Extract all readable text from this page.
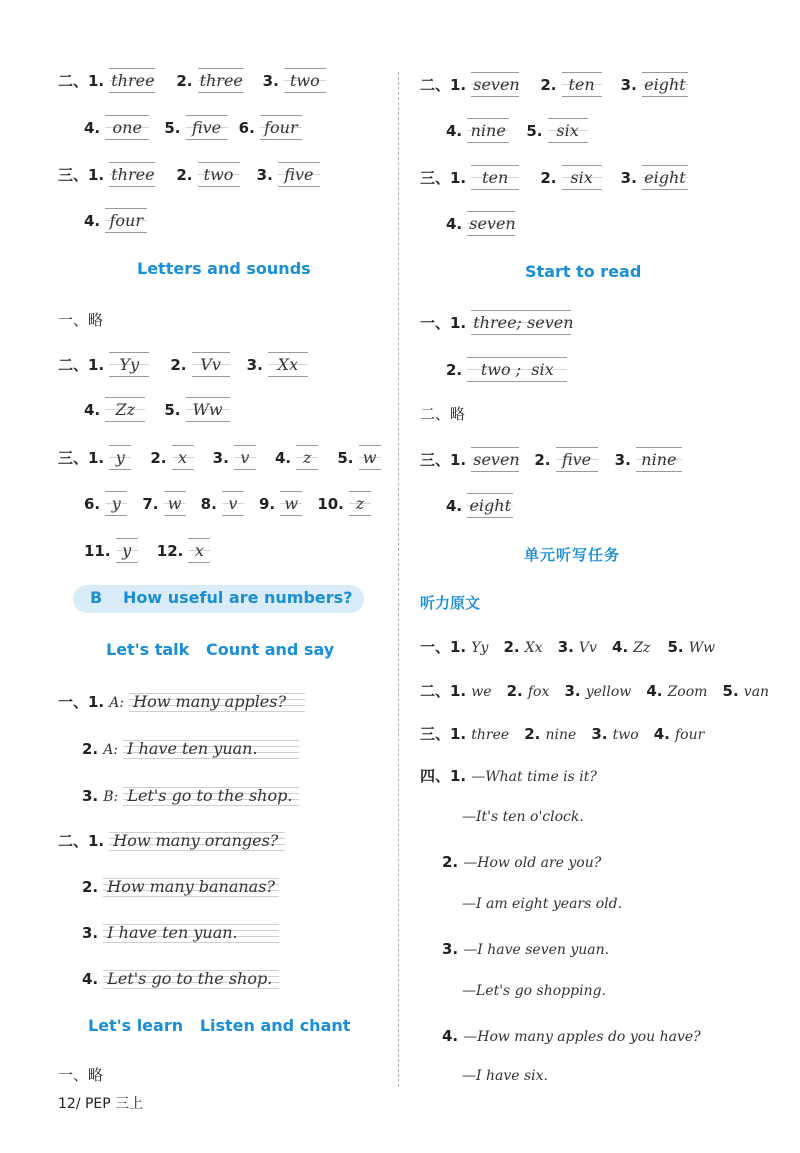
二、1. three 2. three 3. two
4. one 5. five 6. four
三、1. three 2. two 3. five
4. four
Letters and sounds
一、略
二、1. Yy 2. Vv 3. Xx
4. Zz 5. Ww
三、1. y 2. x 3. v 4. z 5. w
6. y 7. w 8. v 9. w 10. z
11. y 12. x
B How useful are numbers?
Let's talk   Count and say
一、1. A: How many apples?
2. A: I have ten yuan.
3. B: Let's go to the shop.
二、1. How many oranges?
2. How many bananas?
3. I have ten yuan.
4. Let's go to the shop.
Let's learn   Listen and chant
一、略
12/ PEP 三上
二、1. seven 2. ten 3. eight
4. nine 5. six
三、1. ten 2. six 3. eight
4. seven
Start to read
一、1. three; seven
2. two ;  six
二、略
三、1. seven 2. five 3. nine
4. eight
单元听写任务
听力原文
一、1. Yy 2. Xx 3. Vv 4. Zz 5. Ww
二、1. we 2. fox 3. yellow 4. Zoom 5. van
三、1. three 2. nine 3. two 4. four
四、1. —What time is it?
—It's ten o'clock.
2. —How old are you?
—I am eight years old.
3. —I have seven yuan.
—Let's go shopping.
4. —How many apples do you have?
—I have six.
